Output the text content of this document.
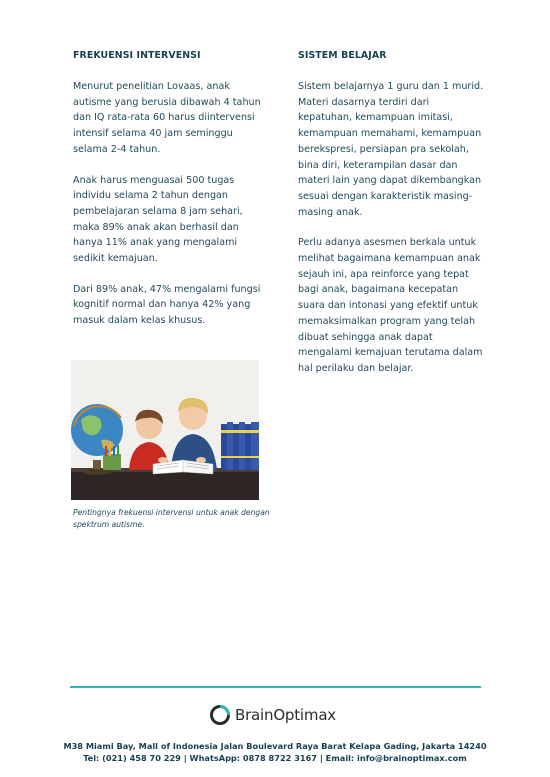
FREKUENSI INTERVENSI

Menurut penelitian Lovaas, anak autisme yang berusia dibawah 4 tahun dan IQ rata-rata 60 harus diintervensi intensif selama 40 jam seminggu selama 2-4 tahun.

Anak harus menguasai 500 tugas individu selama 2 tahun dengan pembelajaran selama 8 jam sehari, maka 89% anak akan berhasil dan hanya 11% anak yang mengalami sedikit kemajuan.

Dari 89% anak, 47% mengalami fungsi kognitif normal dan hanya 42% yang masuk dalam kelas khusus.

SISTEM BELAJAR

Sistem belajarnya 1 guru dan 1 murid. Materi dasarnya terdiri dari kepatuhan, kemampuan imitasi, kemampuan memahami, kemampuan berekspresi, persiapan pra sekolah, bina diri, keterampilan dasar dan materi lain yang dapat dikembangkan sesuai dengan karakteristik masing-masing anak.

Perlu adanya asesmen berkala untuk melihat bagaimana kemampuan anak sejauh ini, apa reinforce yang tepat bagi anak, bagaimana kecepatan suara dan intonasi yang efektif untuk memaksimalkan program yang telah dibuat sehingga anak dapat mengalami kemajuan terutama dalam hal perilaku dan belajar.

Pentingnya frekuensi intervensi untuk anak dengan spektrum autisme.
BrainOptimax
M38 Miami Bay, Mall of Indonesia Jalan Boulevard Raya Barat Kelapa Gading, Jakarta 14240
Tel: (021) 458 70 229 | WhatsApp: 0878 8722 3167 | Email: info@brainoptimax.com
